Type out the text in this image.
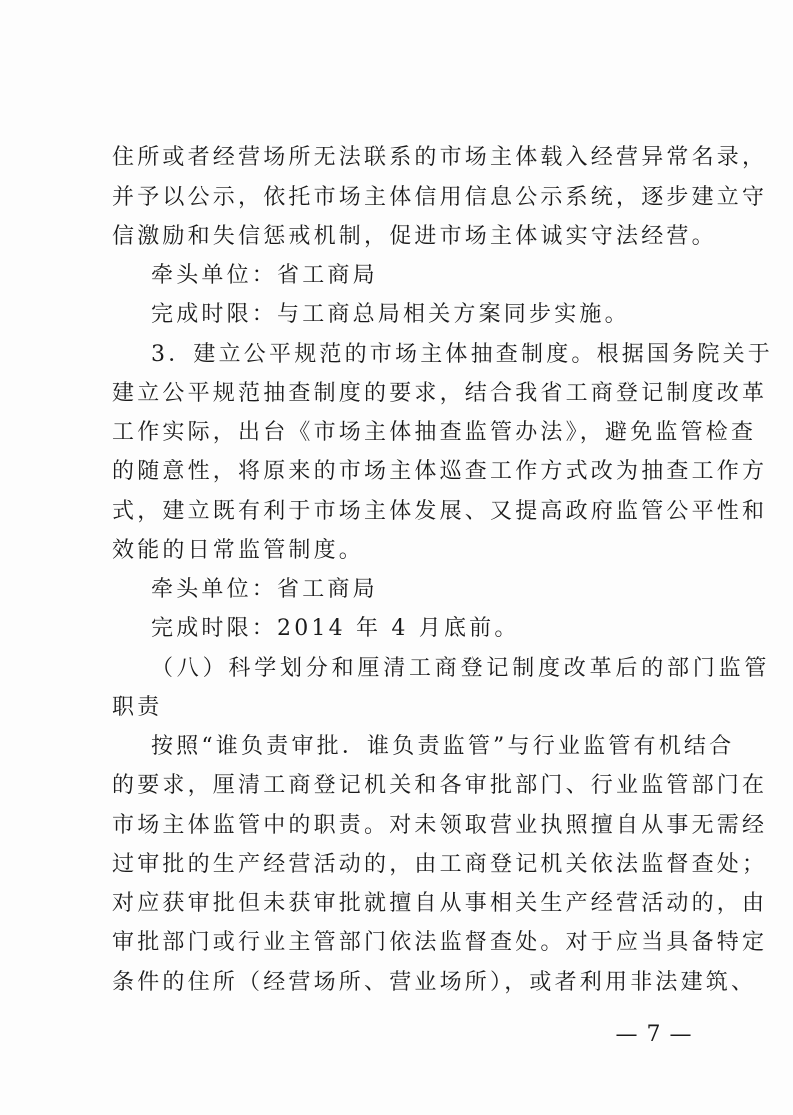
住所或者经营场所无法联系的市场主体载入经营异常名录，
并予以公示，依托市场主体信用信息公示系统，逐步建立守
信激励和失信惩戒机制，促进市场主体诚实守法经营。
牵头单位：省工商局
完成时限：与工商总局相关方案同步实施。
3．建立公平规范的市场主体抽查制度。根据国务院关于
建立公平规范抽查制度的要求，结合我省工商登记制度改革
工作实际，出台《市场主体抽查监管办法》，避免监管检查
的随意性，将原来的市场主体巡查工作方式改为抽查工作方
式，建立既有利于市场主体发展、又提高政府监管公平性和
效能的日常监管制度。
牵头单位：省工商局
完成时限：2014 年 4 月底前。
（八）科学划分和厘清工商登记制度改革后的部门监管
职责
按照“谁负责审批．谁负责监管”与行业监管有机结合
的要求，厘清工商登记机关和各审批部门、行业监管部门在
市场主体监管中的职责。对未领取营业执照擅自从事无需经
过审批的生产经营活动的，由工商登记机关依法监督查处；
对应获审批但未获审批就擅自从事相关生产经营活动的，由
审批部门或行业主管部门依法监督查处。对于应当具备特定
条件的住所（经营场所、营业场所），或者利用非法建筑、
— 7 —
